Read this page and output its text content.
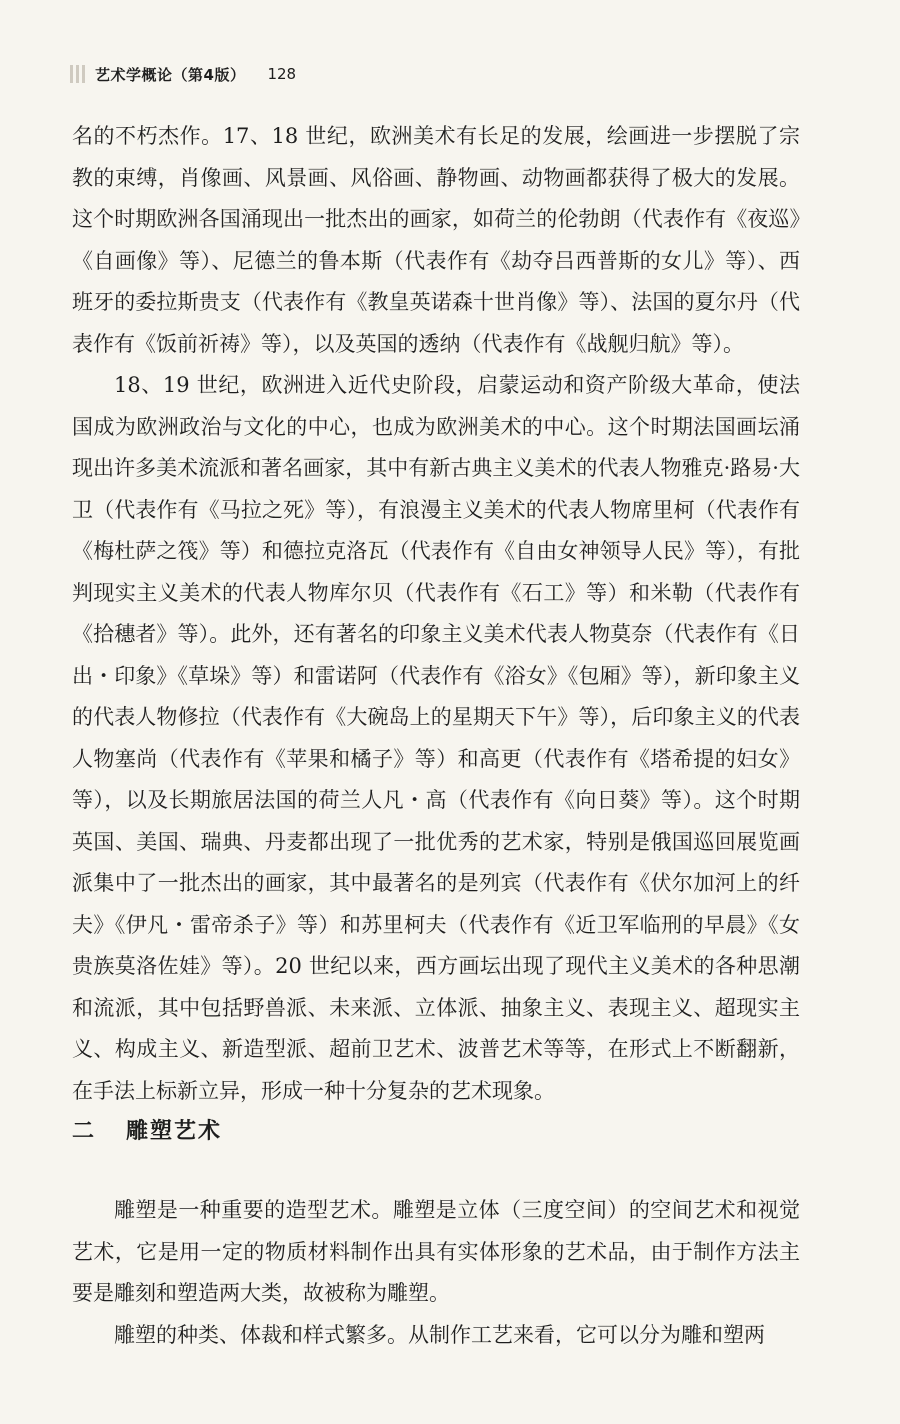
艺术学概论（第4版） 128

名的不朽杰作。17、18 世纪，欧洲美术有长足的发展，绘画进一步摆脱了宗教的束缚，肖像画、风景画、风俗画、静物画、动物画都获得了极大的发展。这个时期欧洲各国涌现出一批杰出的画家，如荷兰的伦勃朗（代表作有《夜巡》《自画像》等）、尼德兰的鲁本斯（代表作有《劫夺吕西普斯的女儿》等）、西班牙的委拉斯贵支（代表作有《教皇英诺森十世肖像》等）、法国的夏尔丹（代表作有《饭前祈祷》等），以及英国的透纳（代表作有《战舰归航》等）。

18、19 世纪，欧洲进入近代史阶段，启蒙运动和资产阶级大革命，使法国成为欧洲政治与文化的中心，也成为欧洲美术的中心。这个时期法国画坛涌现出许多美术流派和著名画家，其中有新古典主义美术的代表人物雅克·路易·大卫（代表作有《马拉之死》等），有浪漫主义美术的代表人物席里柯（代表作有《梅杜萨之筏》等）和德拉克洛瓦（代表作有《自由女神领导人民》等），有批判现实主义美术的代表人物库尔贝（代表作有《石工》等）和米勒（代表作有《拾穗者》等）。此外，还有著名的印象主义美术代表人物莫奈（代表作有《日出・印象》《草垛》等）和雷诺阿（代表作有《浴女》《包厢》等），新印象主义的代表人物修拉（代表作有《大碗岛上的星期天下午》等），后印象主义的代表人物塞尚（代表作有《苹果和橘子》等）和高更（代表作有《塔希提的妇女》等），以及长期旅居法国的荷兰人凡・高（代表作有《向日葵》等）。这个时期英国、美国、瑞典、丹麦都出现了一批优秀的艺术家，特别是俄国巡回展览画派集中了一批杰出的画家，其中最著名的是列宾（代表作有《伏尔加河上的纤夫》《伊凡・雷帝杀子》等）和苏里柯夫（代表作有《近卫军临刑的早晨》《女贵族莫洛佐娃》等）。20 世纪以来，西方画坛出现了现代主义美术的各种思潮和流派，其中包括野兽派、未来派、立体派、抽象主义、表现主义、超现实主义、构成主义、新造型派、超前卫艺术、波普艺术等等，在形式上不断翻新，在手法上标新立异，形成一种十分复杂的艺术现象。

二 雕塑艺术

雕塑是一种重要的造型艺术。雕塑是立体（三度空间）的空间艺术和视觉艺术，它是用一定的物质材料制作出具有实体形象的艺术品，由于制作方法主要是雕刻和塑造两大类，故被称为雕塑。

雕塑的种类、体裁和样式繁多。从制作工艺来看，它可以分为雕和塑两
